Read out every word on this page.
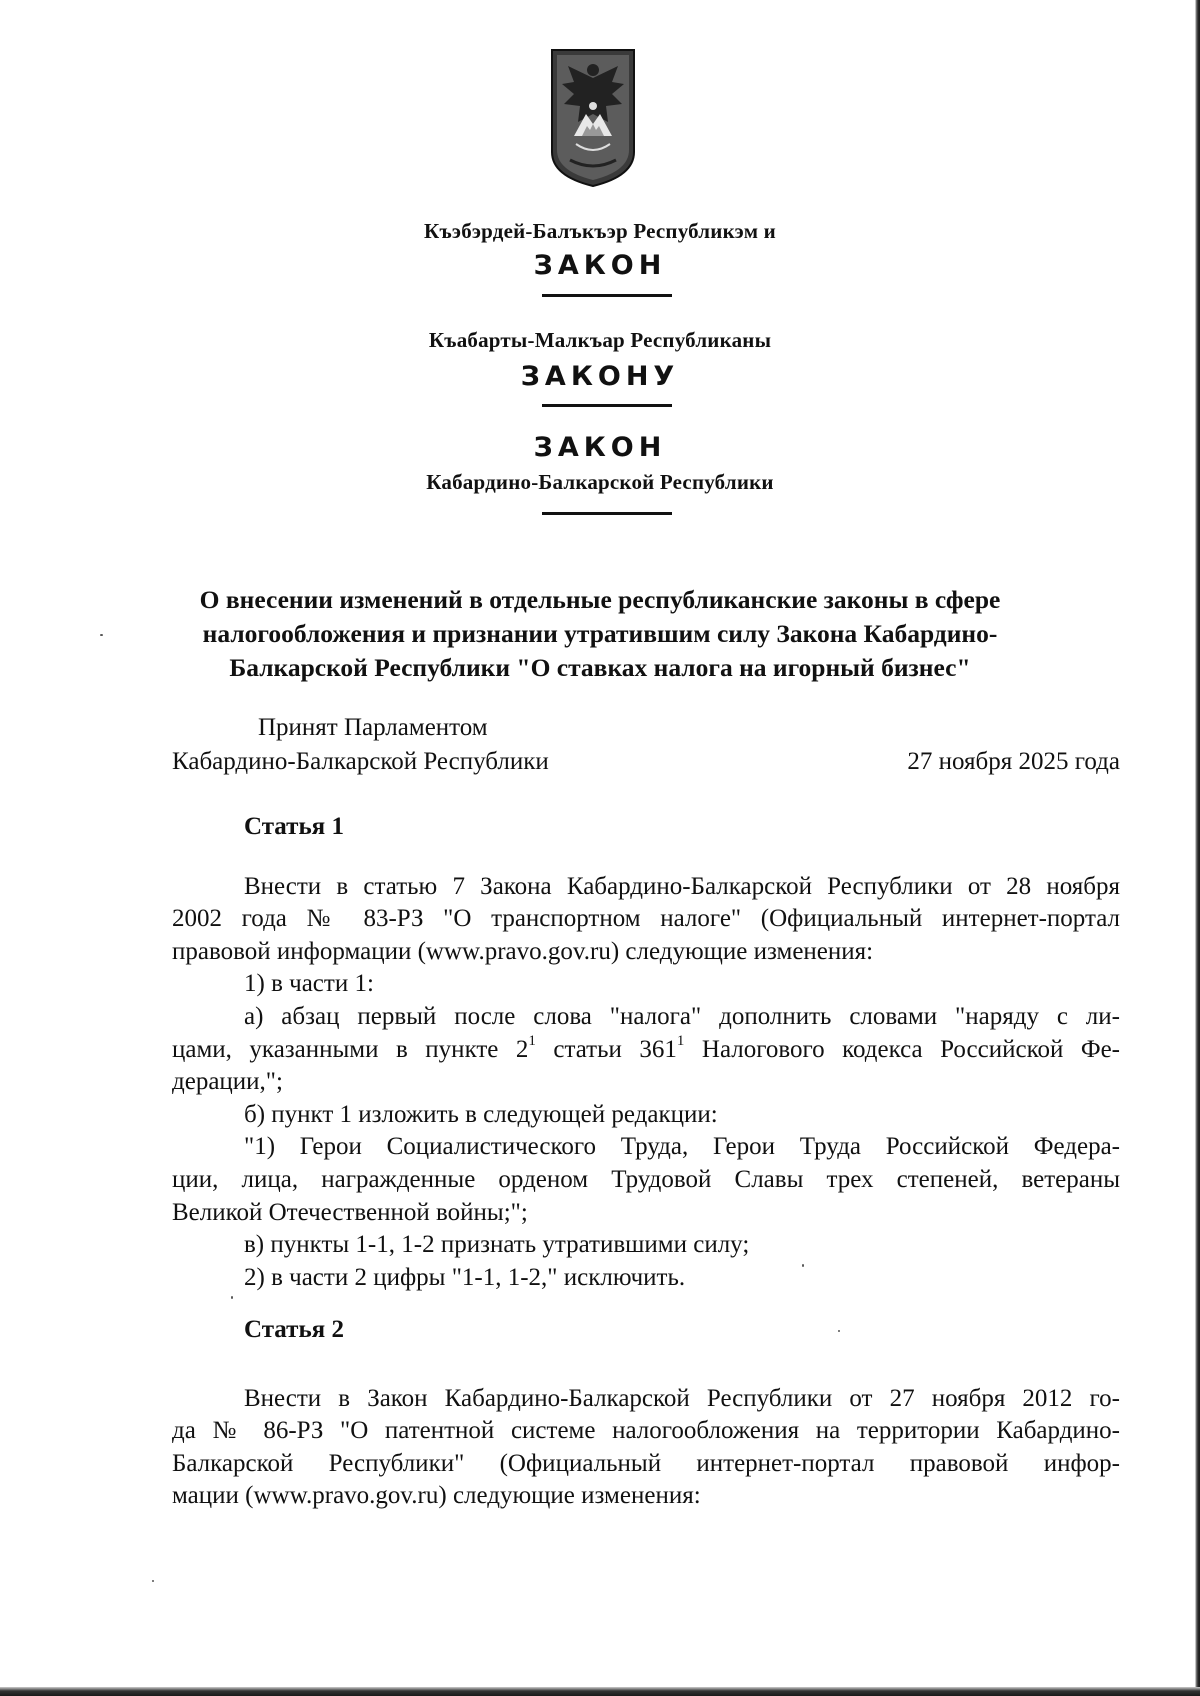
Къэбэрдей-Балъкъэр Республикэм и
ЗАКОН
Къабарты-Малкъар Республиканы
ЗАКОНУ
ЗАКОН
Кабардино-Балкарской Республики
О внесении изменений в отдельные республиканские законы в сфере
налогообложения и признании утратившим силу Закона Кабардино-
Балкарской Республики "О ставках налога на игорный бизнес"
Принят Парламентом
Кабардино-Балкарской Республики	27 ноября 2025 года
Статья 1
Внести в статью 7 Закона Кабардино-Балкарской Республики от 28 ноября
2002 года № 83-РЗ "О транспортном налоге" (Официальный интернет-портал
правовой информации (www.pravo.gov.ru) следующие изменения:
1) в части 1:
а) абзац первый после слова "налога" дополнить словами "наряду с ли-
цами, указанными в пункте $2^1$ статьи $361^1$ Налогового кодекса Российской Фе-
дерации,";
б) пункт 1 изложить в следующей редакции:
"1) Герои Социалистического Труда, Герои Труда Российской Федера-
ции, лица, награжденные орденом Трудовой Славы трех степеней, ветераны
Великой Отечественной войны;";
в) пункты 1-1, 1-2 признать утратившими силу;
2) в части 2 цифры "1-1, 1-2," исключить.
Статья 2
Внести в Закон Кабардино-Балкарской Республики от 27 ноября 2012 го-
да № 86-РЗ "О патентной системе налогообложения на территории Кабардино-
Балкарской Республики" (Официальный интернет-портал правовой инфор-
мации (www.pravo.gov.ru) следующие изменения:
